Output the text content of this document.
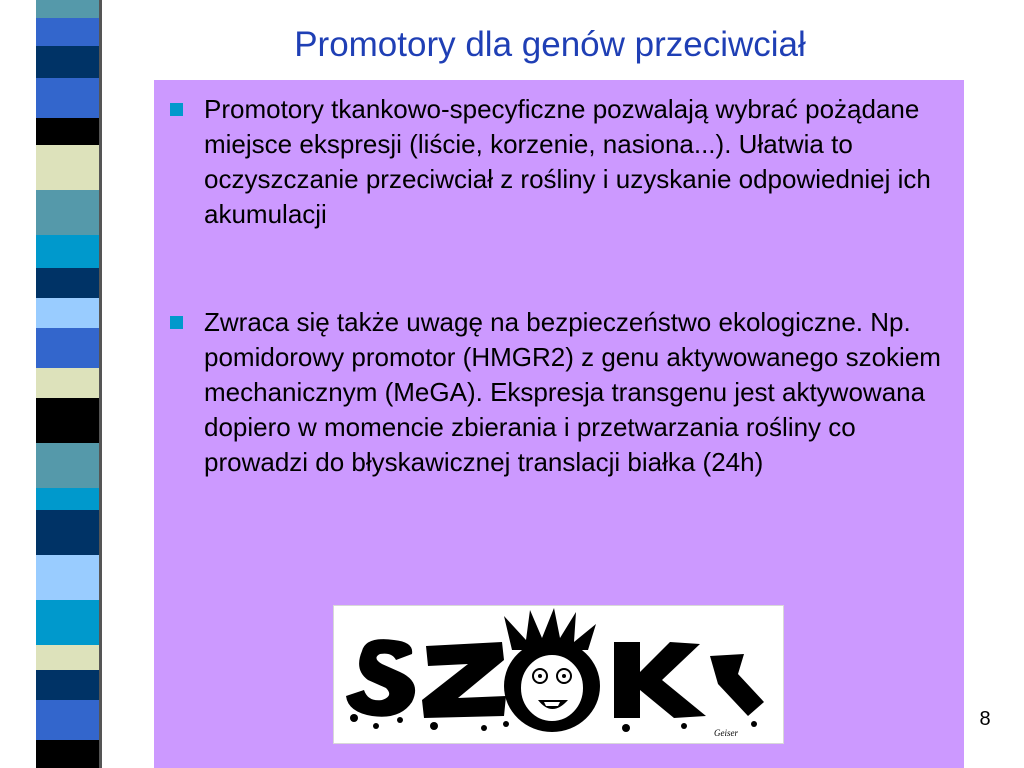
Promotory dla genów przeciwciał
Promotory tkankowo-specyficzne pozwalają wybrać pożądane miejsce ekspresji (liście, korzenie, nasiona...). Ułatwia to oczyszczanie przeciwciał z rośliny i uzyskanie odpowiedniej ich akumulacji
Zwraca się także uwagę na bezpieczeństwo ekologiczne. Np. pomidorowy promotor (HMGR2) z genu aktywowanego szokiem mechanicznym (MeGA). Ekspresja transgenu jest aktywowana dopiero w momencie zbierania i przetwarzania rośliny co prowadzi do błyskawicznej translacji białka (24h)
Geiser
SZOK
8
